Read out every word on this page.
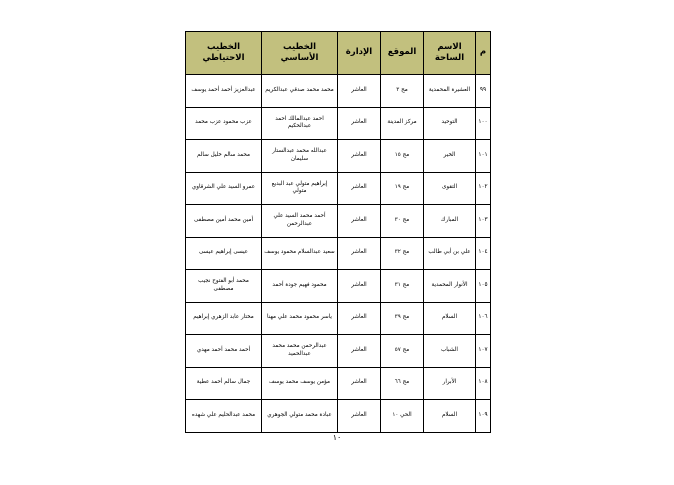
م	الاسم الساحة	الموقع	الإدارة	الخطيب الأساسي	الخطيب الاحتياطي
٩٩	العشيرة المحمدية	مج ٣	العاشر	محمد محمد صدقي عبدالكريم	عبدالعزيز أحمد أحمد يوسف
١٠٠	التوحيد	مركز المدينة	العاشر	احمد عبدالمالك احمد عبدالحكيم	عزب محمود عزب محمد
١٠١	الخير	مج ١٥	العاشر	عبدالله محمد عبدالستار سليمان	محمد سالم خليل سالم
١٠٢	التقوى	مج ١٩	العاشر	إبراهيم متولي عبد البديع متولي	عمرو السيد علي الشرقاوي
١٠٣	المبارك	مج ٣٠	العاشر	أحمد محمد السيد علي عبدالرحمن	أمين محمد أمين مصطفى
١٠٤	علي بن أبي طالب	مج ٣٢	العاشر	سعيد عبدالسلام محمود يوسف	عيسى إبراهيم عيسى
١٠٥	الأنوار المحمدية	مج ٣١	العاشر	محمود فهيم جودة أحمد	محمد أبو الفتوح نجيب مصطفى
١٠٦	السلام	مج ٣٩	العاشر	ياسر محمود محمد علي مهنا	مختار عابد الزهري إبراهيم
١٠٧	الشباب	مج ٥٧	العاشر	عبدالرحمن محمد محمد عبدالحميد	أحمد محمد أحمد مهدي
١٠٨	الأبرار	مج ٦٦	العاشر	مؤمن يوسف محمد يوسف	جمال سالم أحمد عطية
١٠٩	السلام	الحي ١٠	العاشر	عبادة محمد متولي الجوهري	محمد عبدالحليم علي شهده
١٠
